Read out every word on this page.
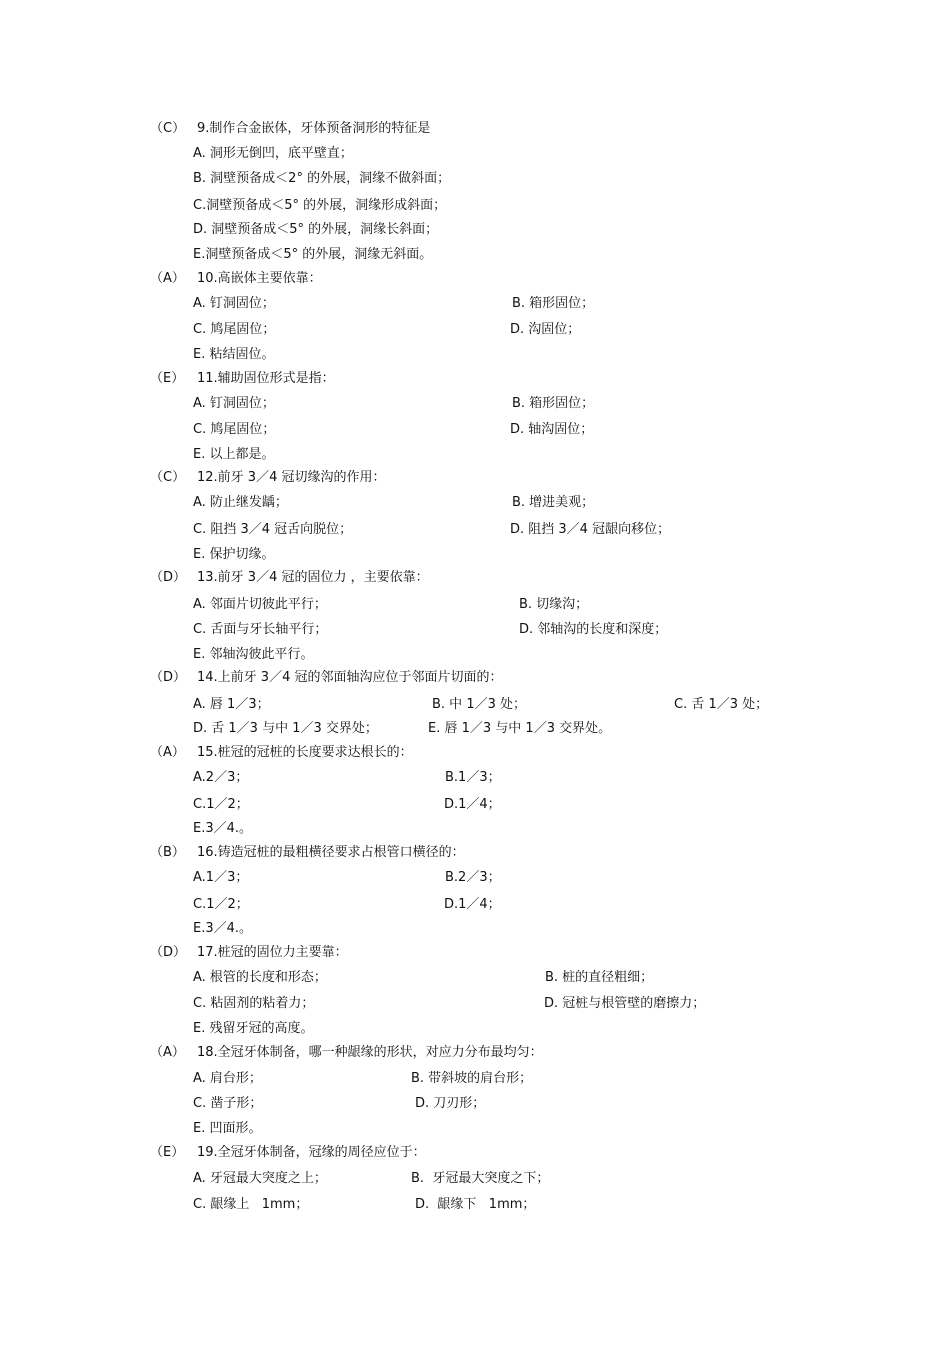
（C） 9.制作合金嵌体，牙体预备洞形的特征是
A. 洞形无倒凹，底平壁直；
B. 洞壁预备成＜2° 的外展，洞缘不做斜面；
C.洞壁预备成＜5° 的外展，洞缘形成斜面；
D. 洞壁预备成＜5° 的外展，洞缘长斜面；
E.洞壁预备成＜5° 的外展，洞缘无斜面。
（A） 10.高嵌体主要依靠：
A. 钉洞固位；	B. 箱形固位；
C. 鸠尾固位；	D. 沟固位；
E. 粘结固位。
（E） 11.辅助固位形式是指：
A. 钉洞固位；	B. 箱形固位；
C. 鸠尾固位；	D. 轴沟固位；
E. 以上都是。
（C） 12.前牙 3／4 冠切缘沟的作用：
A. 防止继发龋；	B. 增进美观；
C. 阻挡 3／4 冠舌向脱位；	D. 阻挡 3／4 冠龈向移位；
E. 保护切缘。
（D） 13.前牙 3／4 冠的固位力 ，主要依靠：
A. 邻面片切彼此平行；	B. 切缘沟；
C. 舌面与牙长轴平行；	D. 邻轴沟的长度和深度；
E. 邻轴沟彼此平行。
（D） 14.上前牙 3／4 冠的邻面轴沟应位于邻面片切面的：
A. 唇 1／3；	B. 中 1／3 处；	C. 舌 1／3 处；
D. 舌 1／3 与中 1／3 交界处；	E. 唇 1／3 与中 1／3 交界处。
（A） 15.桩冠的冠桩的长度要求达根长的：
A.2／3；	B.1／3；
C.1／2；	D.1／4；
E.3／4.。
（B） 16.铸造冠桩的最粗横径要求占根管口横径的：
A.1／3；	B.2／3；
C.1／2；	D.1／4；
E.3／4.。
（D） 17.桩冠的固位力主要靠：
A. 根管的长度和形态；	B. 桩的直径粗细；
C. 粘固剂的粘着力；	D. 冠桩与根管壁的磨擦力；
E. 残留牙冠的高度。
（A） 18.全冠牙体制备，哪一种龈缘的形状，对应力分布最均匀：
A. 肩台形；	B. 带斜坡的肩台形；
C. 凿子形；	D. 刀刃形；
E. 凹面形。
（E） 19.全冠牙体制备，冠缘的周径应位于：
A. 牙冠最大突度之上；	B.  牙冠最大突度之下；
C. 龈缘上   1mm；	D.  龈缘下   1mm；
